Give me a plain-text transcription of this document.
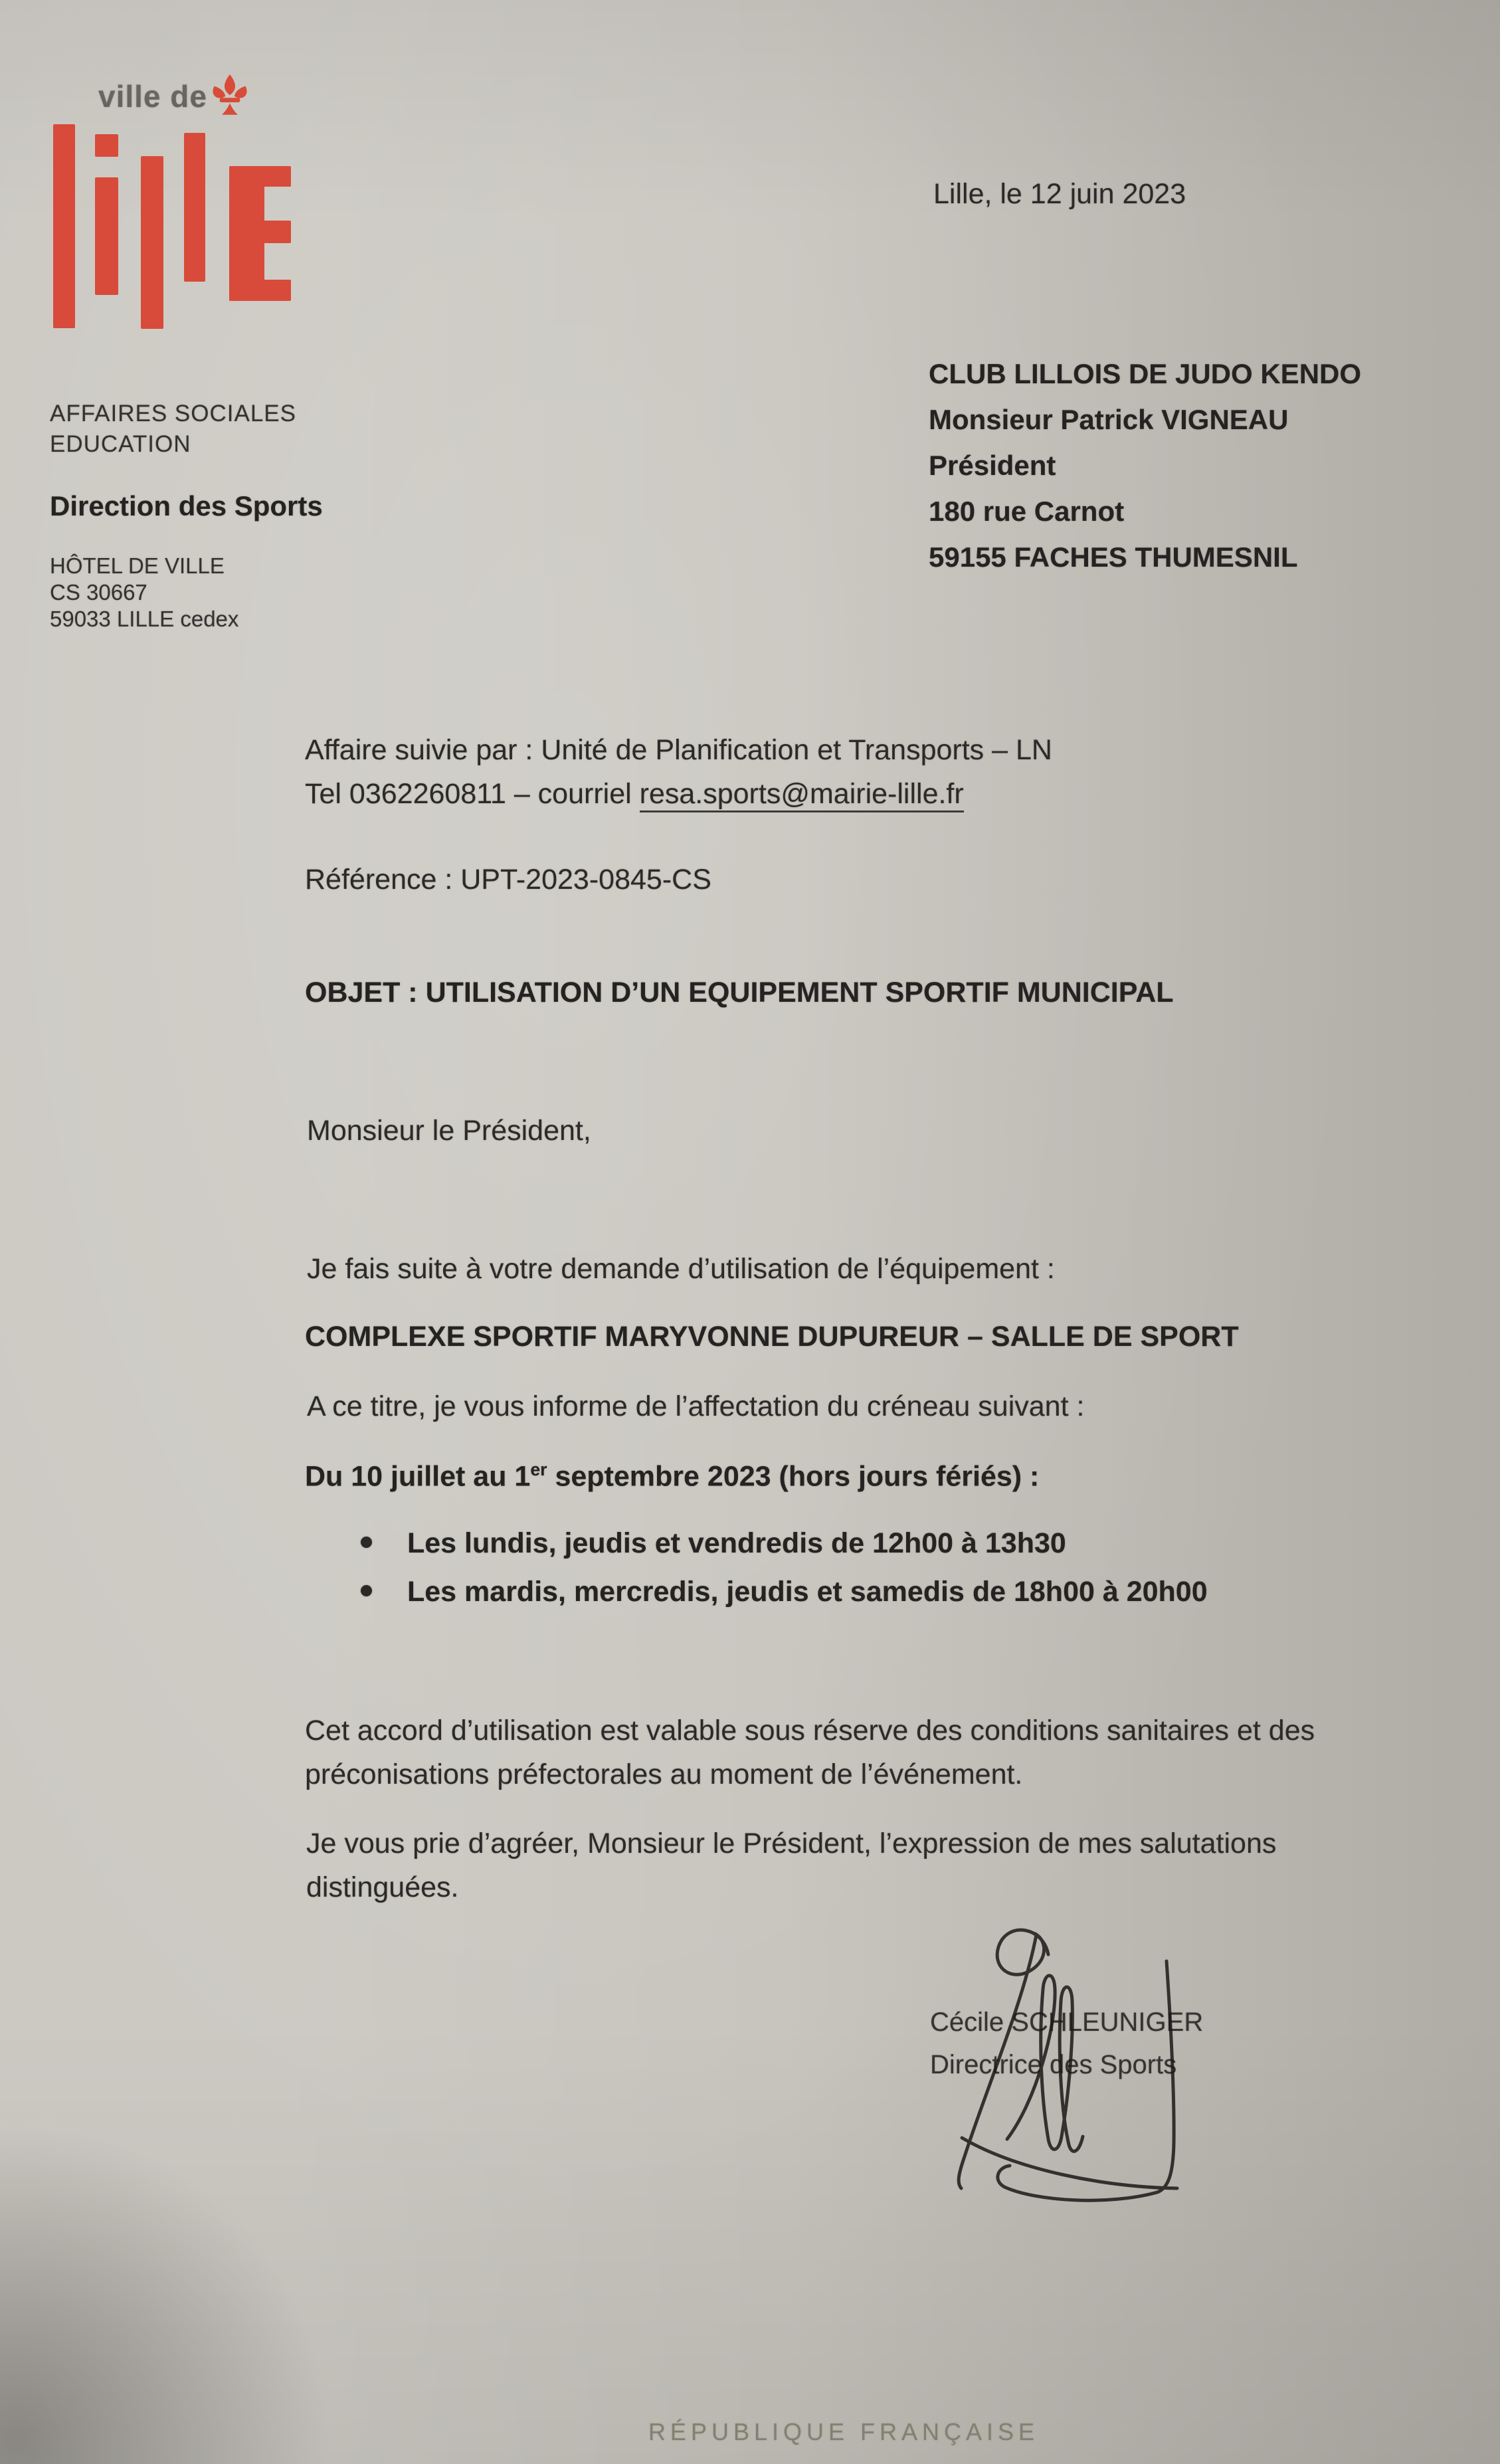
ville de
Lille, le 12 juin 2023
CLUB LILLOIS DE JUDO KENDO
Monsieur Patrick VIGNEAU
Président
180 rue Carnot
59155 FACHES THUMESNIL
AFFAIRES SOCIALES
EDUCATION
Direction des Sports
HÔTEL DE VILLE
CS 30667
59033 LILLE cedex
Affaire suivie par : Unité de Planification et Transports – LN
Tel 0362260811 – courriel resa.sports@mairie-lille.fr
Référence : UPT-2023-0845-CS
OBJET : UTILISATION D’UN EQUIPEMENT SPORTIF MUNICIPAL
Monsieur le Président,
Je fais suite à votre demande d’utilisation de l’équipement :
COMPLEXE SPORTIF MARYVONNE DUPUREUR – SALLE DE SPORT
A ce titre, je vous informe de l’affectation du créneau suivant :
Du 10 juillet au 1er septembre 2023 (hors jours fériés) :
Les lundis, jeudis et vendredis de 12h00 à 13h30
Les mardis, mercredis, jeudis et samedis de 18h00 à 20h00
Cet accord d’utilisation est valable sous réserve des conditions sanitaires et des
préconisations préfectorales au moment de l’événement.
Je vous prie d’agréer, Monsieur le Président, l’expression de mes salutations
distinguées.
Cécile SCHLEUNIGER
Directrice des Sports
RÉPUBLIQUE FRANÇAISE
